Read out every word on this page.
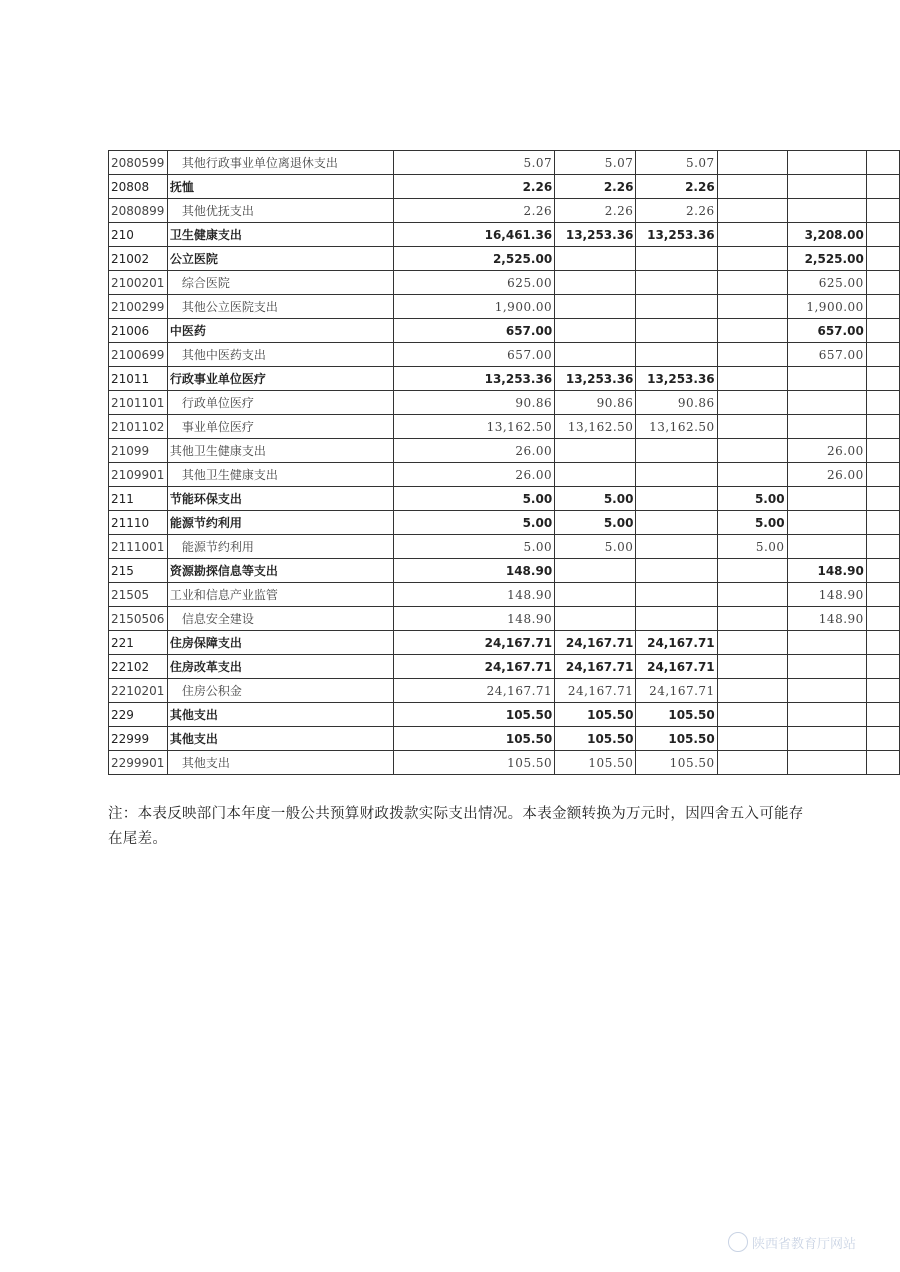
2080599	其他行政事业单位离退休支出	5.07	5.07	5.07			
20808	抚恤	2.26	2.26	2.26			
2080899	其他优抚支出	2.26	2.26	2.26			
210	卫生健康支出	16,461.36	13,253.36	13,253.36		3,208.00	
21002	公立医院	2,525.00				2,525.00	
2100201	综合医院	625.00				625.00	
2100299	其他公立医院支出	1,900.00				1,900.00	
21006	中医药	657.00				657.00	
2100699	其他中医药支出	657.00				657.00	
21011	行政事业单位医疗	13,253.36	13,253.36	13,253.36			
2101101	行政单位医疗	90.86	90.86	90.86			
2101102	事业单位医疗	13,162.50	13,162.50	13,162.50			
21099	其他卫生健康支出	26.00				26.00	
2109901	其他卫生健康支出	26.00				26.00	
211	节能环保支出	5.00	5.00		5.00		
21110	能源节约利用	5.00	5.00		5.00		
2111001	能源节约利用	5.00	5.00		5.00		
215	资源勘探信息等支出	148.90				148.90	
21505	工业和信息产业监管	148.90				148.90	
2150506	信息安全建设	148.90				148.90	
221	住房保障支出	24,167.71	24,167.71	24,167.71			
22102	住房改革支出	24,167.71	24,167.71	24,167.71			
2210201	住房公积金	24,167.71	24,167.71	24,167.71			
229	其他支出	105.50	105.50	105.50			
22999	其他支出	105.50	105.50	105.50			
2299901	其他支出	105.50	105.50	105.50			
注：本表反映部门本年度一般公共预算财政拨款实际支出情况。本表金额转换为万元时，因四舍五入可能存在尾差。
陕西省教育厅网站
